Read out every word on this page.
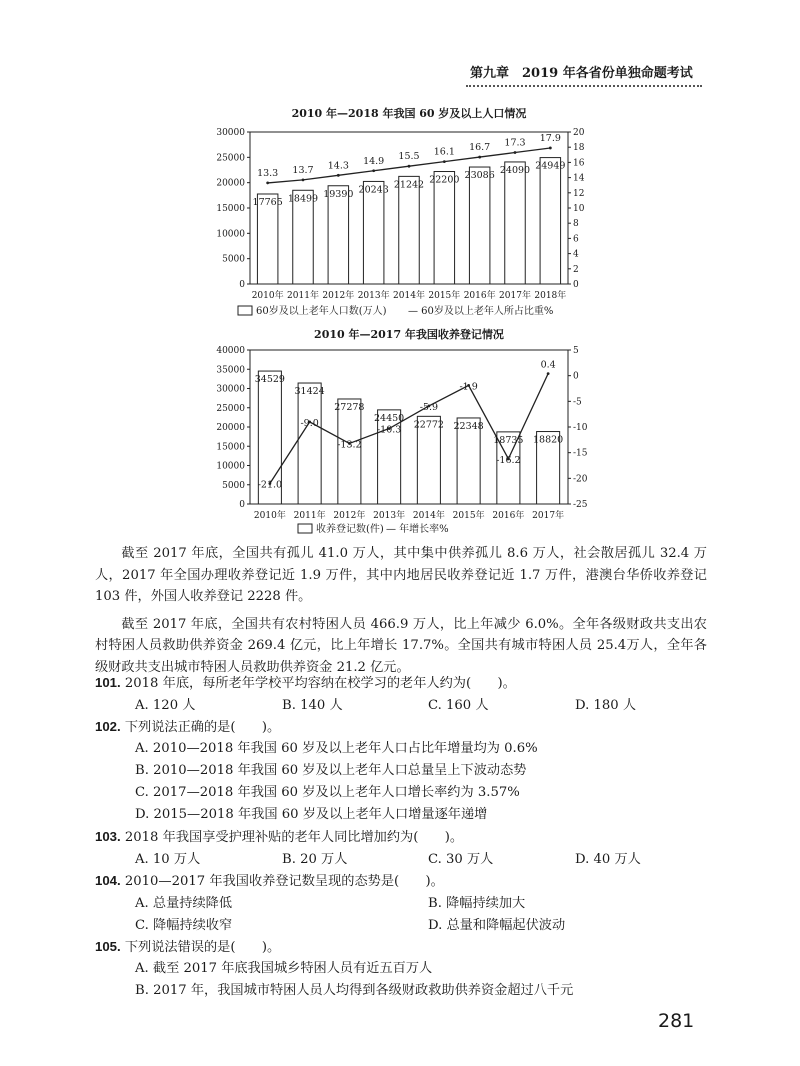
第九章　2019 年各省份单独命题考试
2010 年—2018 年我国 60 岁及以上人口情况
0
5000
10000
15000
20000
25000
30000
0
2
4
6
8
10
12
14
16
18
20
2010年 2011年 2012年 2013年 2014年 2015年 2016年 2017年 2018年
17765 18499 19390 20243 21242 22200 23086 24090 24949
13.3 13.7 14.3 14.9 15.5 16.1 16.7 17.3 17.9
60岁及以上老年人口数(万人) — 60岁及以上老年人所占比重%
2010 年—2017 年我国收养登记情况
0
5000
10000
15000
20000
25000
30000
35000
40000
-25
-20
-15
-10
-5
0
5
2010年 2011年 2012年 2013年 2014年 2015年 2016年 2017年
34529
31424
27278
24450
22772 22348
18735 18820
-21.0
-9.0
-13.2
-10.3
-5.9
-1.9
-16.2
0.4
收养登记数(件) — 年增长率%

截至 2017 年底，全国共有孤儿 41.0 万人，其中集中供养孤儿 8.6 万人，社会散居孤儿 32.4 万人，2017 年全国办理收养登记近 1.9 万件，其中内地居民收养登记近 1.7 万件，港澳台华侨收养登记 103 件，外国人收养登记 2228 件。

截至 2017 年底，全国共有农村特困人员 466.9 万人，比上年减少 6.0%。全年各级财政共支出农村特困人员救助供养资金 269.4 亿元，比上年增长 17.7%。全国共有城市特困人员 25.4万人，全年各级财政共支出城市特困人员救助供养资金 21.2 亿元。

101. 2018 年底，每所老年学校平均容纳在校学习的老年人约为(　　)。
A. 120 人	B. 140 人	C. 160 人	D. 180 人
102. 下列说法正确的是(　　)。
A. 2010—2018 年我国 60 岁及以上老年人口占比年增量均为 0.6%
B. 2010—2018 年我国 60 岁及以上老年人口总量呈上下波动态势
C. 2017—2018 年我国 60 岁及以上老年人口增长率约为 3.57%
D. 2015—2018 年我国 60 岁及以上老年人口增量逐年递增
103. 2018 年我国享受护理补贴的老年人同比增加约为(　　)。
A. 10 万人	B. 20 万人	C. 30 万人	D. 40 万人
104. 2010—2017 年我国收养登记数呈现的态势是(　　)。
A. 总量持续降低	B. 降幅持续加大
C. 降幅持续收窄	D. 总量和降幅起伏波动
105. 下列说法错误的是(　　)。
A. 截至 2017 年底我国城乡特困人员有近五百万人
B. 2017 年，我国城市特困人员人均得到各级财政救助供养资金超过八千元
281
